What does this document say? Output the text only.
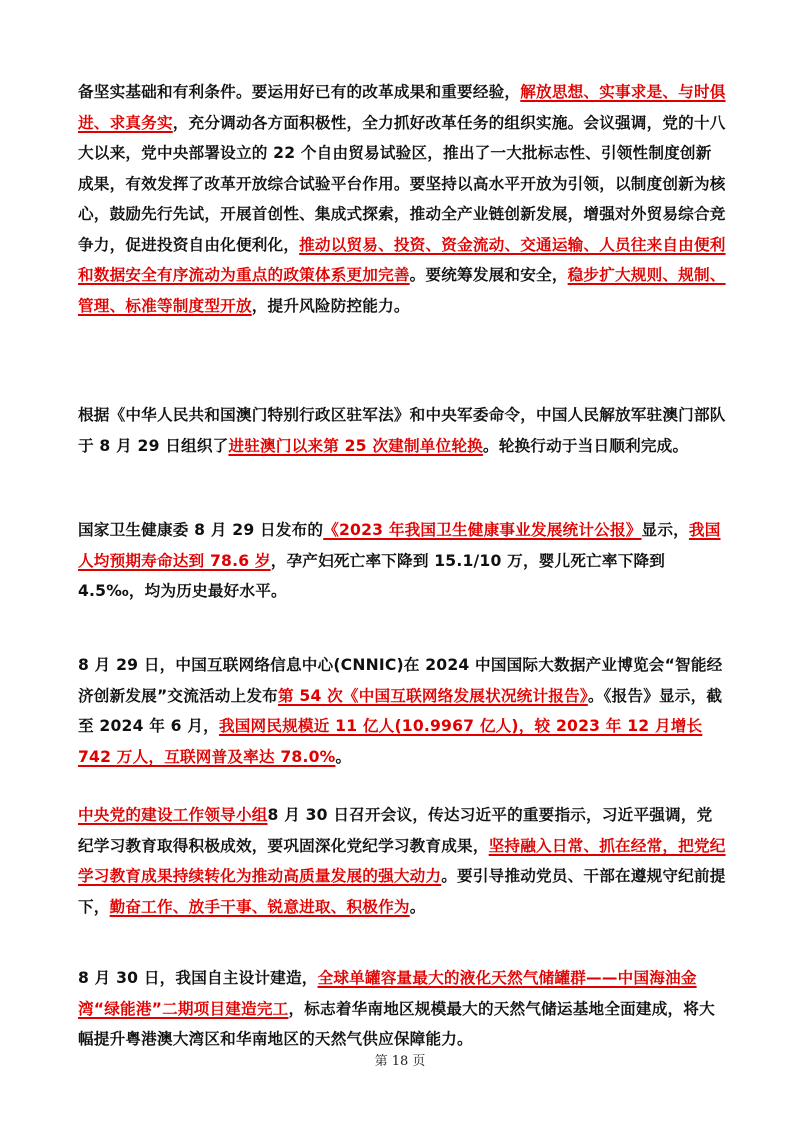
备坚实基础和有利条件。要运用好已有的改革成果和重要经验，解放思想、实事求是、与时俱进、求真务实，充分调动各方面积极性，全力抓好改革任务的组织实施。会议强调，党的十八大以来，党中央部署设立的 22 个自由贸易试验区，推出了一大批标志性、引领性制度创新成果，有效发挥了改革开放综合试验平台作用。要坚持以高水平开放为引领，以制度创新为核心，鼓励先行先试，开展首创性、集成式探索，推动全产业链创新发展，增强对外贸易综合竞争力，促进投资自由化便利化，推动以贸易、投资、资金流动、交通运输、人员往来自由便利和数据安全有序流动为重点的政策体系更加完善。要统筹发展和安全，稳步扩大规则、规制、管理、标准等制度型开放，提升风险防控能力。
根据《中华人民共和国澳门特别行政区驻军法》和中央军委命令，中国人民解放军驻澳门部队于 8 月 29 日组织了进驻澳门以来第 25 次建制单位轮换。轮换行动于当日顺利完成。
国家卫生健康委 8 月 29 日发布的《2023 年我国卫生健康事业发展统计公报》显示，我国人均预期寿命达到 78.6 岁，孕产妇死亡率下降到 15.1/10 万，婴儿死亡率下降到 4.5‰，均为历史最好水平。
8 月 29 日，中国互联网络信息中心(CNNIC)在 2024 中国国际大数据产业博览会“智能经济创新发展”交流活动上发布第 54 次《中国互联网络发展状况统计报告》。《报告》显示，截至 2024 年 6 月，我国网民规模近 11 亿人(10.9967 亿人)，较 2023 年 12 月增长 742 万人，互联网普及率达 78.0%。
中央党的建设工作领导小组8 月 30 日召开会议，传达习近平的重要指示，习近平强调，党纪学习教育取得积极成效，要巩固深化党纪学习教育成果，坚持融入日常、抓在经常，把党纪学习教育成果持续转化为推动高质量发展的强大动力。要引导推动党员、干部在遵规守纪前提下，勤奋工作、放手干事、锐意进取、积极作为。
8 月 30 日，我国自主设计建造，全球单罐容量最大的液化天然气储罐群——中国海油金湾“绿能港”二期项目建造完工，标志着华南地区规模最大的天然气储运基地全面建成，将大幅提升粤港澳大湾区和华南地区的天然气供应保障能力。
第 18 页
